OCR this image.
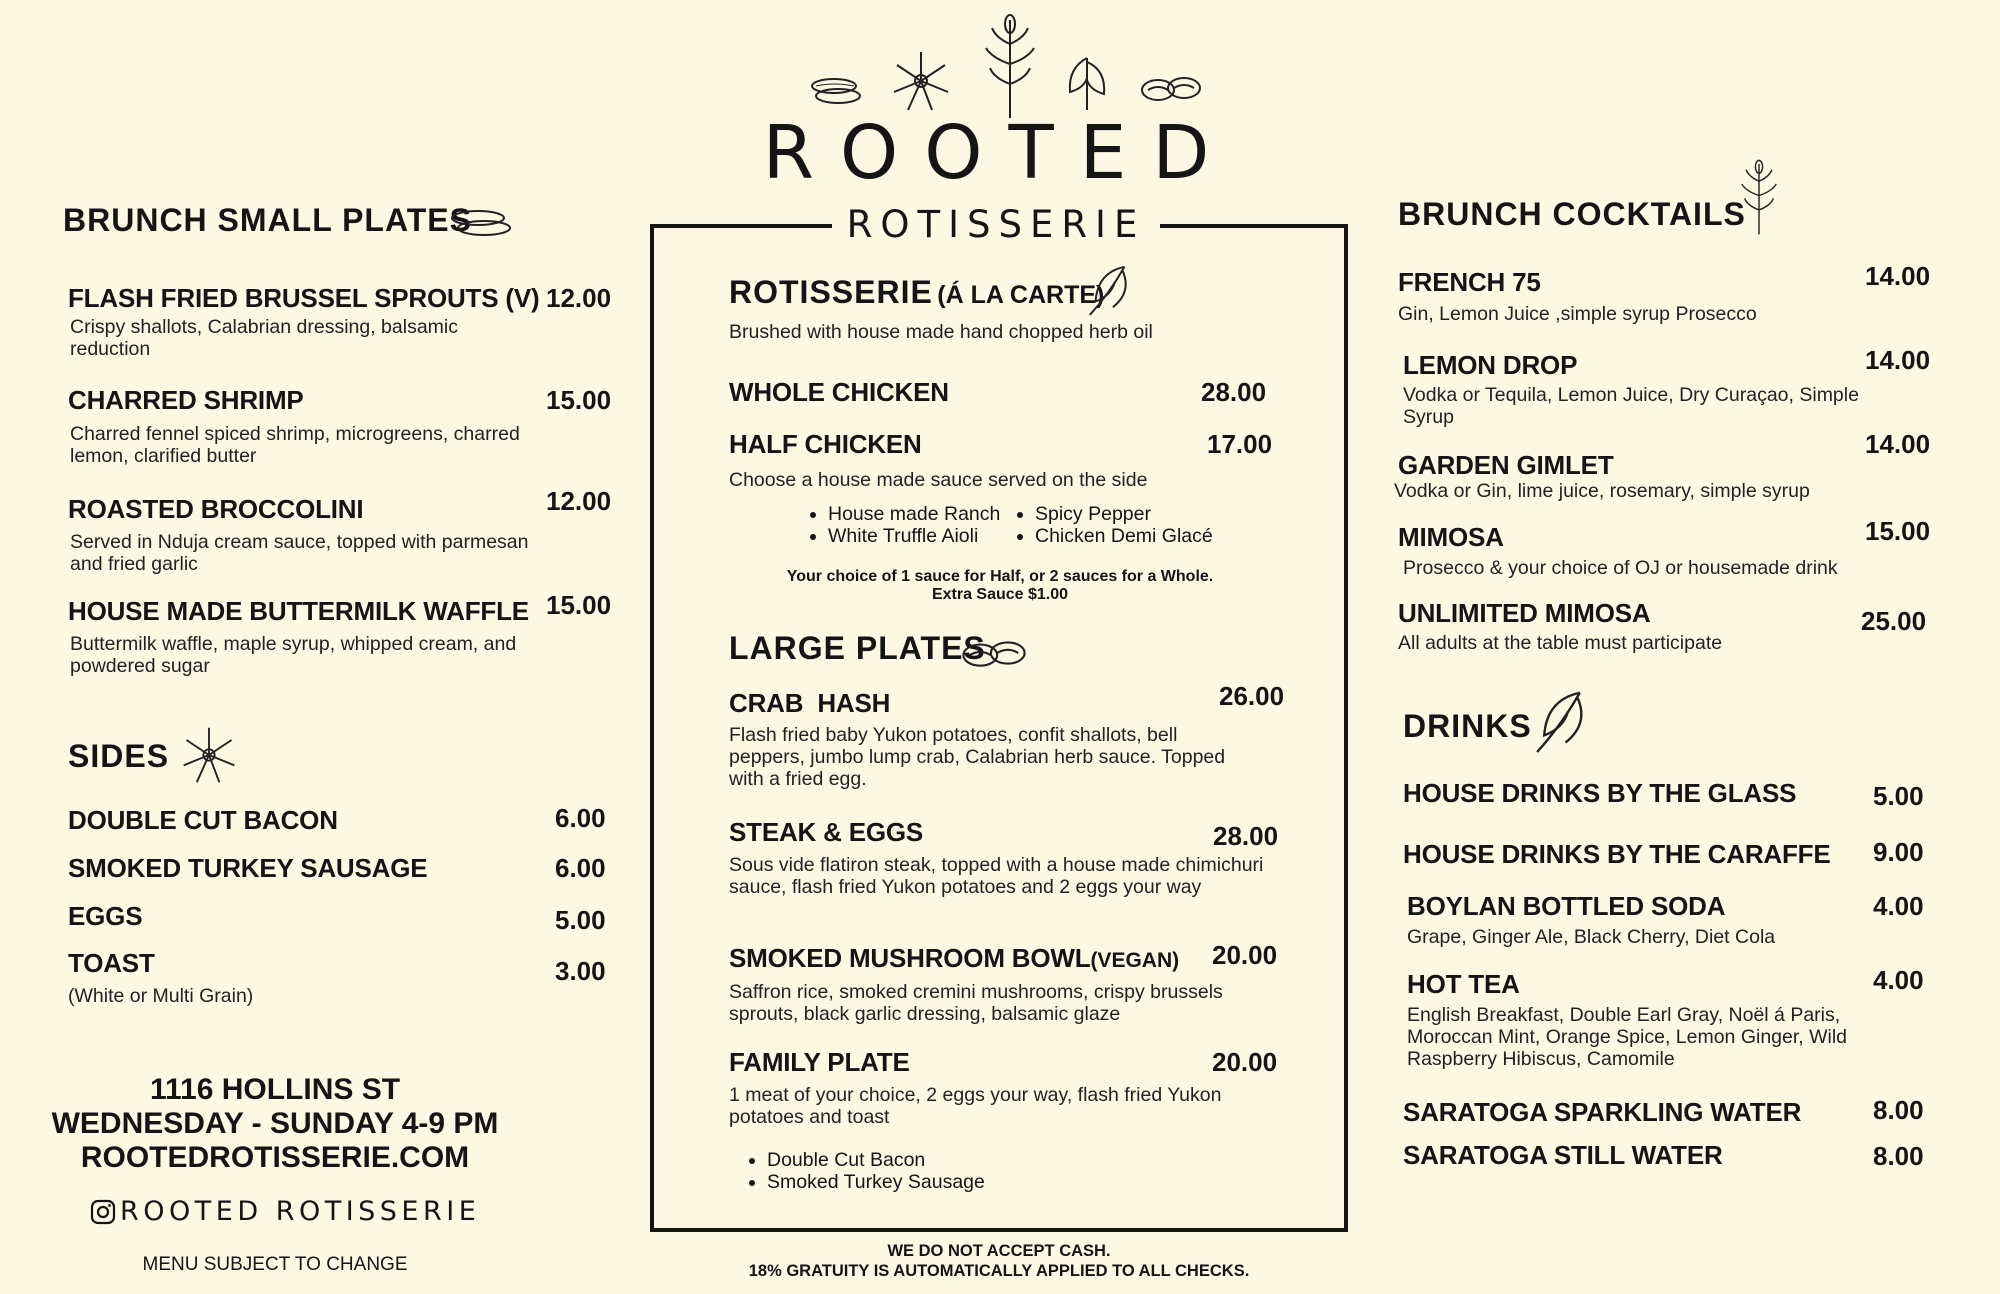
ROOTED
ROTISSERIE
BRUNCH SMALL PLATES
FLASH FRIED BRUSSEL SPROUTS (V) 12.00
Crispy shallots, Calabrian dressing, balsamic reduction
CHARRED SHRIMP	15.00
Charred fennel spiced shrimp, microgreens, charred lemon, clarified butter
ROASTED BROCCOLINI	12.00
Served in Nduja cream sauce, topped with parmesan and fried garlic
HOUSE MADE BUTTERMILK WAFFLE 15.00
Buttermilk waffle, maple syrup, whipped cream, and powdered sugar
SIDES
DOUBLE CUT BACON	6.00
SMOKED TURKEY SAUSAGE	6.00
EGGS	5.00
TOAST	3.00
(White or Multi Grain)
1116 HOLLINS ST
WEDNESDAY - SUNDAY 4-9 PM
ROOTEDROTISSERIE.COM
ROOTED ROTISSERIE
MENU SUBJECT TO CHANGE
ROTISSERIE (Á LA CARTE)
Brushed with house made hand chopped herb oil
WHOLE CHICKEN	28.00
HALF CHICKEN	17.00
Choose a house made sauce served on the side
• House made Ranch
• White Truffle Aioli
• Spicy Pepper
• Chicken Demi Glacé
Your choice of 1 sauce for Half, or 2 sauces for a Whole.
Extra Sauce $1.00
LARGE PLATES
CRAB  HASH	26.00
Flash fried baby Yukon potatoes, confit shallots, bell peppers, jumbo lump crab, Calabrian herb sauce. Topped with a fried egg.
STEAK & EGGS	28.00
Sous vide flatiron steak, topped with a house made chimichuri sauce, flash fried Yukon potatoes and 2 eggs your way
SMOKED MUSHROOM BOWL(VEGAN) 20.00
Saffron rice, smoked cremini mushrooms, crispy brussels sprouts, black garlic dressing, balsamic glaze
FAMILY PLATE	20.00
1 meat of your choice, 2 eggs your way, flash fried Yukon potatoes and toast
• Double Cut Bacon
• Smoked Turkey Sausage
WE DO NOT ACCEPT CASH.
18% GRATUITY IS AUTOMATICALLY APPLIED TO ALL CHECKS.
BRUNCH COCKTAILS
FRENCH 75	14.00
Gin, Lemon Juice ,simple syrup Prosecco
LEMON DROP	14.00
Vodka or Tequila, Lemon Juice, Dry Curaçao, Simple Syrup
GARDEN GIMLET
14.00
Vodka or Gin, lime juice, rosemary, simple syrup
MIMOSA	15.00
Prosecco & your choice of OJ or housemade drink
UNLIMITED MIMOSA	25.00
All adults at the table must participate
DRINKS
HOUSE DRINKS BY THE GLASS	5.00
HOUSE DRINKS BY THE CARAFFE 9.00
BOYLAN BOTTLED SODA	4.00
Grape, Ginger Ale, Black Cherry, Diet Cola
HOT TEA	4.00
English Breakfast, Double Earl Gray, Noël á Paris, Moroccan Mint, Orange Spice, Lemon Ginger, Wild Raspberry Hibiscus, Camomile
SARATOGA SPARKLING WATER	8.00
SARATOGA STILL WATER	8.00
